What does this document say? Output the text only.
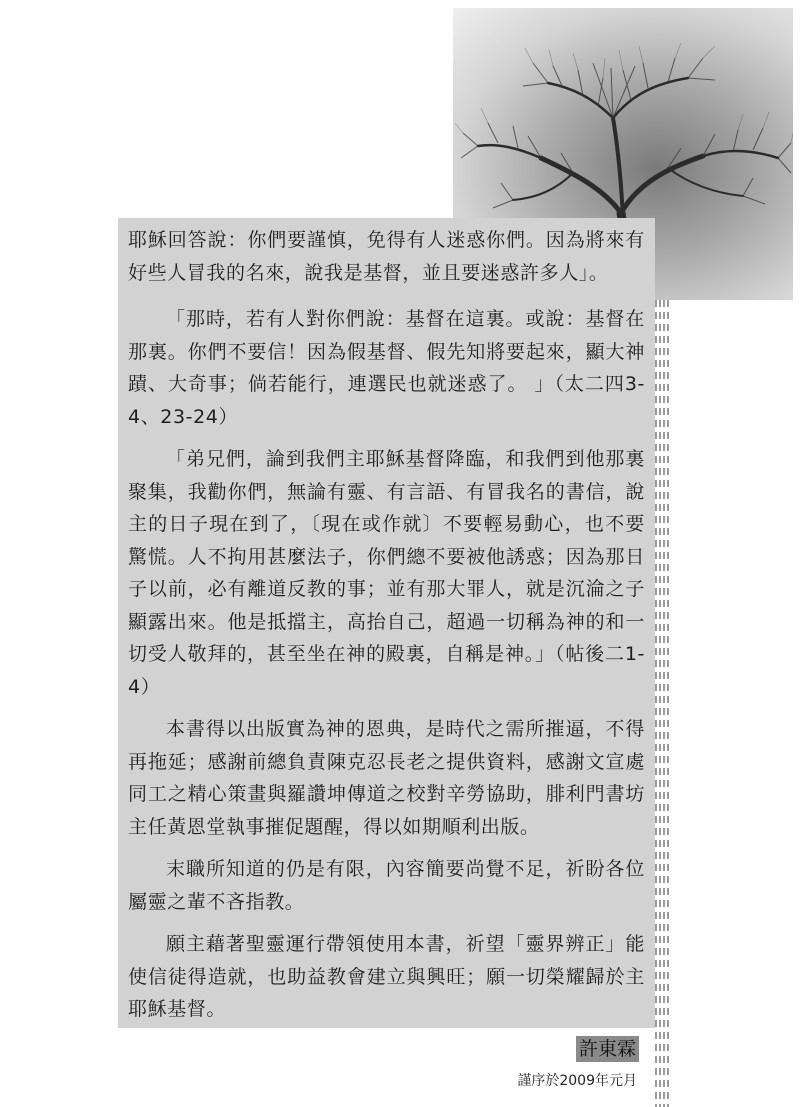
耶穌回答說：你們要謹慎，免得有人迷惑你們。因為將來有好些人冒我的名來，說我是基督，並且要迷惑許多人」。

「那時，若有人對你們說：基督在這裏。或說：基督在那裏。你們不要信！因為假基督、假先知將要起來，顯大神蹟、大奇事；倘若能行，連選民也就迷惑了。 」（太二四3-4、23-24）

「弟兄們，論到我們主耶穌基督降臨，和我們到他那裏聚集，我勸你們，無論有靈、有言語、有冒我名的書信，說主的日子現在到了，〔現在或作就〕不要輕易動心，也不要驚慌。人不拘用甚麼法子，你們總不要被他誘惑；因為那日子以前，必有離道反教的事；並有那大罪人，就是沉淪之子顯露出來。他是抵擋主，高抬自己，超過一切稱為神的和一切受人敬拜的，甚至坐在神的殿裏，自稱是神。」（帖後二1-4）

本書得以出版實為神的恩典，是時代之需所摧逼，不得再拖延；感謝前總負責陳克忍長老之提供資料，感謝文宣處同工之精心策畫與羅讚坤傳道之校對辛勞協助，腓利門書坊主任黃恩堂執事摧促題醒，得以如期順利出版。

末職所知道的仍是有限，內容簡要尚覺不足，祈盼各位屬靈之輩不吝指教。

願主藉著聖靈運行帶領使用本書，祈望「靈界辨正」能使信徒得造就，也助益教會建立與興旺；願一切榮耀歸於主耶穌基督。

許東霖
謹序於2009年元月
